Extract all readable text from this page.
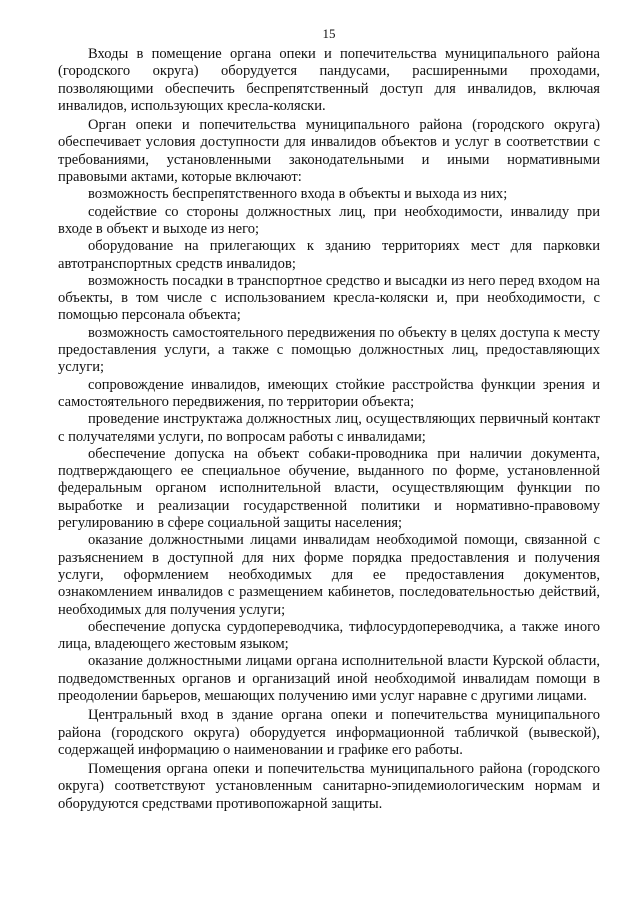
15

Входы в помещение органа опеки и попечительства муниципального района (городского округа) оборудуется пандусами, расширенными проходами, позволяющими обеспечить беспрепятственный доступ для инвалидов, включая инвалидов, использующих кресла-коляски.

Орган опеки и попечительства муниципального района (городского округа) обеспечивает условия доступности для инвалидов объектов и услуг в соответствии с требованиями, установленными законодательными и иными нормативными правовыми актами, которые включают:

возможность беспрепятственного входа в объекты и выхода из них;

содействие со стороны должностных лиц, при необходимости, инвалиду при входе в объект и выходе из него;

оборудование на прилегающих к зданию территориях мест для парковки автотранспортных средств инвалидов;

возможность посадки в транспортное средство и высадки из него перед входом на объекты, в том числе с использованием кресла-коляски и, при необходимости, с помощью персонала объекта;

возможность самостоятельного передвижения по объекту в целях доступа к месту предоставления услуги, а также с помощью должностных лиц, предоставляющих услуги;

сопровождение инвалидов, имеющих стойкие расстройства функции зрения и самостоятельного передвижения, по территории объекта;

проведение инструктажа должностных лиц, осуществляющих первичный контакт с получателями услуги, по вопросам работы с инвалидами;

обеспечение допуска на объект собаки-проводника при наличии документа, подтверждающего ее специальное обучение, выданного по форме, установленной федеральным органом исполнительной власти, осуществляющим функции по выработке и реализации государственной политики и нормативно-правовому регулированию в сфере социальной защиты населения;

оказание должностными лицами инвалидам необходимой помощи, связанной с разъяснением в доступной для них форме порядка предоставления и получения услуги, оформлением необходимых для ее предоставления документов, ознакомлением инвалидов с размещением кабинетов, последовательностью действий, необходимых для получения услуги;

обеспечение допуска сурдопереводчика, тифлосурдопереводчика, а также иного лица, владеющего жестовым языком;

оказание должностными лицами органа исполнительной власти Курской области, подведомственных органов и организаций иной необходимой инвалидам помощи в преодолении барьеров, мешающих получению ими услуг наравне с другими лицами.

Центральный вход в здание органа опеки и попечительства муниципального района (городского округа) оборудуется информационной табличкой (вывеской), содержащей информацию о наименовании и графике его работы.

Помещения органа опеки и попечительства муниципального района (городского округа) соответствуют установленным санитарно-эпидемиологическим нормам и оборудуются средствами противопожарной защиты.
